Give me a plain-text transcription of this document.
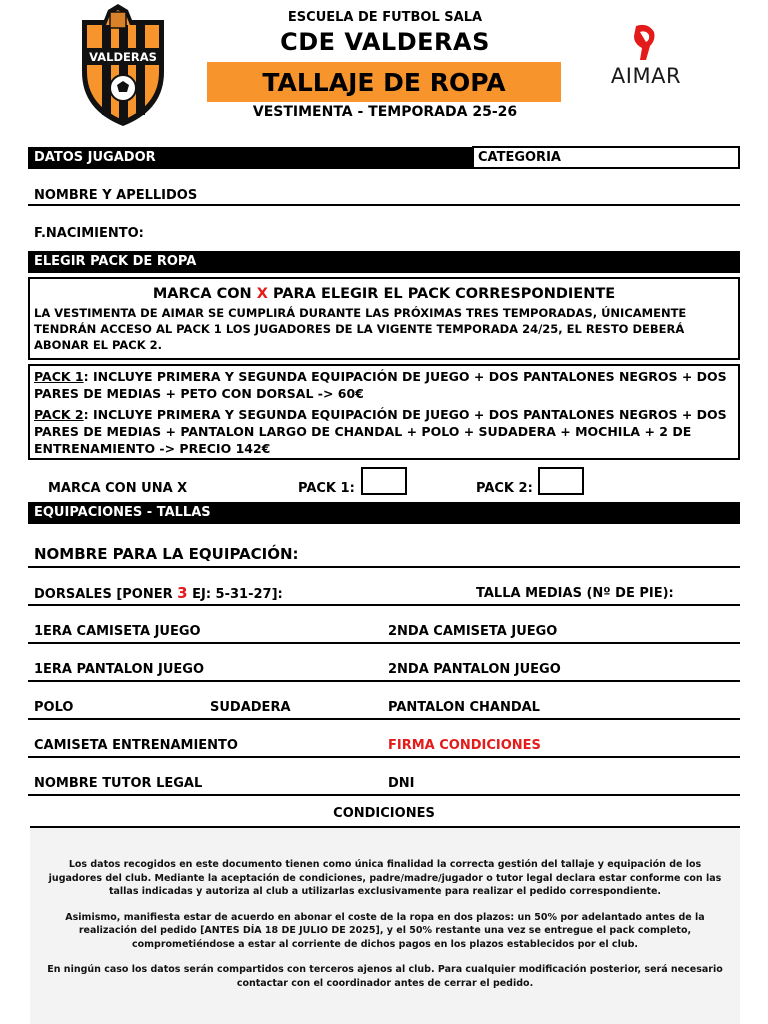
VALDERAS
ESCUELA DE FUTBOL SALA
CDE VALDERAS
TALLAJE DE ROPA
VESTIMENTA - TEMPORADA 25-26
AIMAR
DATOS JUGADOR	CATEGORIA
NOMBRE Y APELLIDOS
F.NACIMIENTO:
ELEGIR PACK DE ROPA
MARCA CON X PARA ELEGIR EL PACK CORRESPONDIENTE
LA VESTIMENTA DE AIMAR SE CUMPLIRÁ DURANTE LAS PRÓXIMAS TRES TEMPORADAS, ÚNICAMENTE TENDRÁN ACCESO AL PACK 1 LOS JUGADORES DE LA VIGENTE TEMPORADA 24/25, EL RESTO DEBERÁ ABONAR EL PACK 2.
PACK 1: INCLUYE PRIMERA Y SEGUNDA EQUIPACIÓN DE JUEGO + DOS PANTALONES NEGROS + DOS PARES DE MEDIAS + PETO CON DORSAL -> 60€
PACK 2: INCLUYE PRIMERA Y SEGUNDA EQUIPACIÓN DE JUEGO + DOS PANTALONES NEGROS + DOS PARES DE MEDIAS + PANTALON LARGO DE CHANDAL + POLO + SUDADERA + MOCHILA + 2 DE ENTRENAMIENTO -> PRECIO 142€
MARCA CON UNA X	PACK 1:	PACK 2:
EQUIPACIONES - TALLAS
NOMBRE PARA LA EQUIPACIÓN:
DORSALES [PONER 3 EJ: 5-31-27]:	TALLA MEDIAS (Nº DE PIE):
1ERA CAMISETA JUEGO	2NDA CAMISETA JUEGO
1ERA PANTALON JUEGO	2NDA PANTALON JUEGO
POLO	SUDADERA	PANTALON CHANDAL
CAMISETA ENTRENAMIENTO	FIRMA CONDICIONES
NOMBRE TUTOR LEGAL	DNI
CONDICIONES

Los datos recogidos en este documento tienen como única finalidad la correcta gestión del tallaje y equipación de los jugadores del club. Mediante la aceptación de condiciones, padre/madre/jugador o tutor legal declara estar conforme con las tallas indicadas y autoriza al club a utilizarlas exclusivamente para realizar el pedido correspondiente.

Asimismo, manifiesta estar de acuerdo en abonar el coste de la ropa en dos plazos: un 50% por adelantado antes de la realización del pedido [ANTES DÍA 18 DE JULIO DE 2025], y el 50% restante una vez se entregue el pack completo, comprometiéndose a estar al corriente de dichos pagos en los plazos establecidos por el club.

En ningún caso los datos serán compartidos con terceros ajenos al club. Para cualquier modificación posterior, será necesario contactar con el coordinador antes de cerrar el pedido.
